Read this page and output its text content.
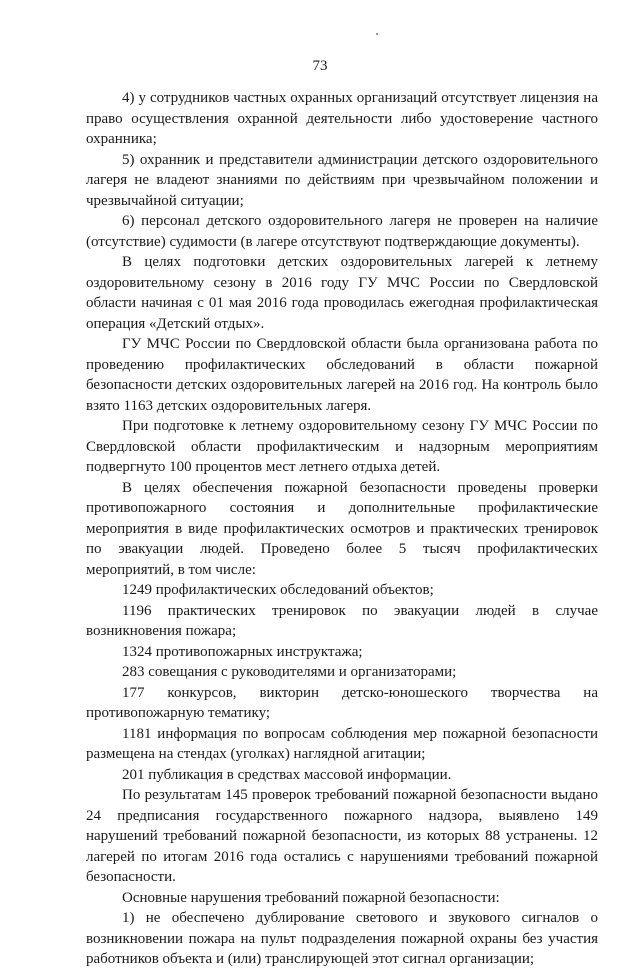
73

4) у сотрудников частных охранных организаций отсутствует лицензия на право осуществления охранной деятельности либо удостоверение частного охранника;

5) охранник и представители администрации детского оздоровительного лагеря не владеют знаниями по действиям при чрезвычайном положении и чрезвычайной ситуации;

6) персонал детского оздоровительного лагеря не проверен на наличие (отсутствие) судимости (в лагере отсутствуют подтверждающие документы).

В целях подготовки детских оздоровительных лагерей к летнему оздоровительному сезону в 2016 году ГУ МЧС России по Свердловской области начиная с 01 мая 2016 года проводилась ежегодная профилактическая операция «Детский отдых».

ГУ МЧС России по Свердловской области была организована работа по проведению профилактических обследований в области пожарной безопасности детских оздоровительных лагерей на 2016 год. На контроль было взято 1163 детских оздоровительных лагеря.

При подготовке к летнему оздоровительному сезону ГУ МЧС России по Свердловской области профилактическим и надзорным мероприятиям подвергнуто 100 процентов мест летнего отдыха детей.

В целях обеспечения пожарной безопасности проведены проверки противопожарного состояния и дополнительные профилактические мероприятия в виде профилактических осмотров и практических тренировок по эвакуации людей. Проведено более 5 тысяч профилактических мероприятий, в том числе:

1249 профилактических обследований объектов;

1196 практических тренировок по эвакуации людей в случае возникновения пожара;

1324 противопожарных инструктажа;

283 совещания с руководителями и организаторами;

177 конкурсов, викторин детско-юношеского творчества на противопожарную тематику;

1181 информация по вопросам соблюдения мер пожарной безопасности размещена на стендах (уголках) наглядной агитации;

201 публикация в средствах массовой информации.

По результатам 145 проверок требований пожарной безопасности выдано 24 предписания государственного пожарного надзора, выявлено 149 нарушений требований пожарной безопасности, из которых 88 устранены. 12 лагерей по итогам 2016 года остались с нарушениями требований пожарной безопасности.

Основные нарушения требований пожарной безопасности:

1) не обеспечено дублирование светового и звукового сигналов о возникновении пожара на пульт подразделения пожарной охраны без участия работников объекта и (или) транслирующей этот сигнал организации;
